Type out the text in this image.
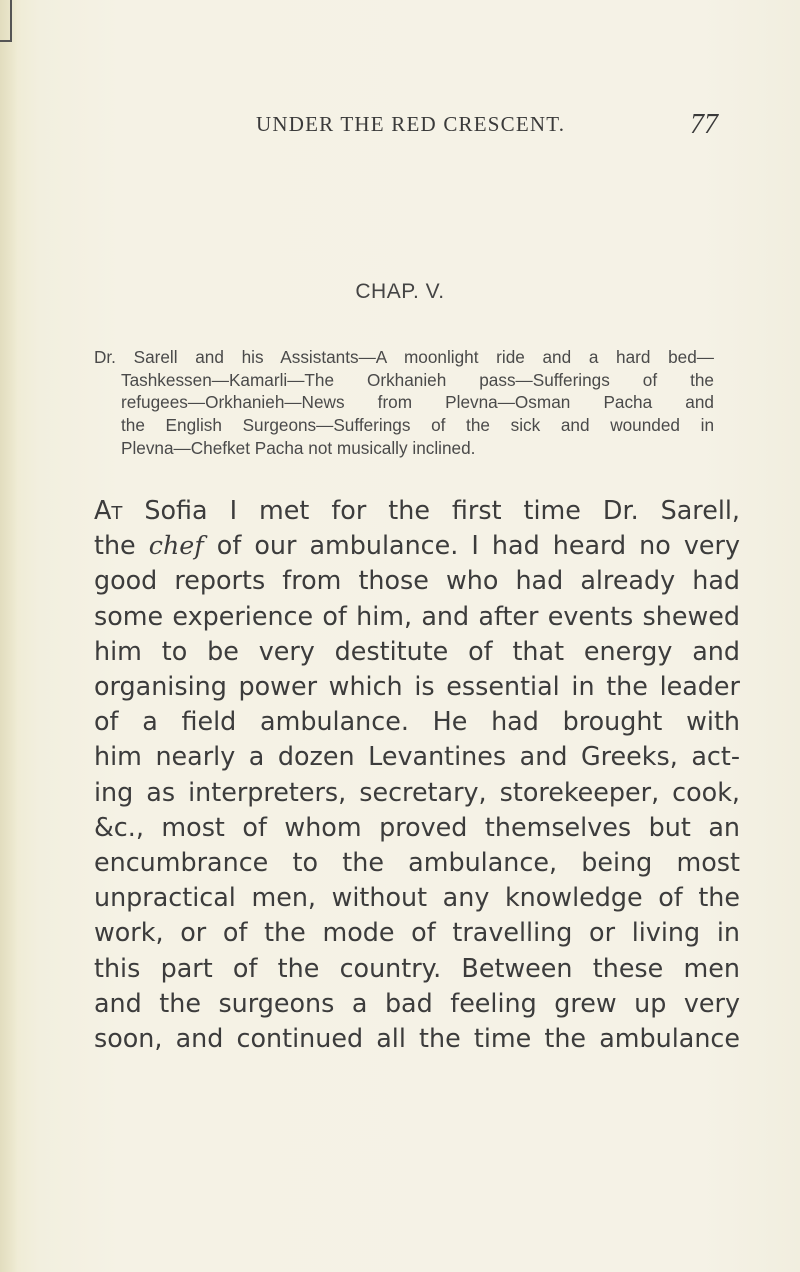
UNDER THE RED CRESCENT.	77
CHAP. V.
Dr. Sarell and his Assistants—A moonlight ride and a hard bed—
Tashkessen—Kamarli—The Orkhanieh pass—Sufferings of the
refugees—Orkhanieh—News from Plevna—Osman Pacha and
the English Surgeons—Sufferings of the sick and wounded in
Plevna—Chefket Pacha not musically inclined.
At Sofia I met for the first time Dr. Sarell,
the chef of our ambulance. I had heard no very
good reports from those who had already had
some experience of him, and after events shewed
him to be very destitute of that energy and
organising power which is essential in the leader
of a field ambulance. He had brought with
him nearly a dozen Levantines and Greeks, act-
ing as interpreters, secretary, storekeeper, cook,
&c., most of whom proved themselves but an
encumbrance to the ambulance, being most
unpractical men, without any knowledge of the
work, or of the mode of travelling or living in
this part of the country. Between these men
and the surgeons a bad feeling grew up very
soon, and continued all the time the ambulance
